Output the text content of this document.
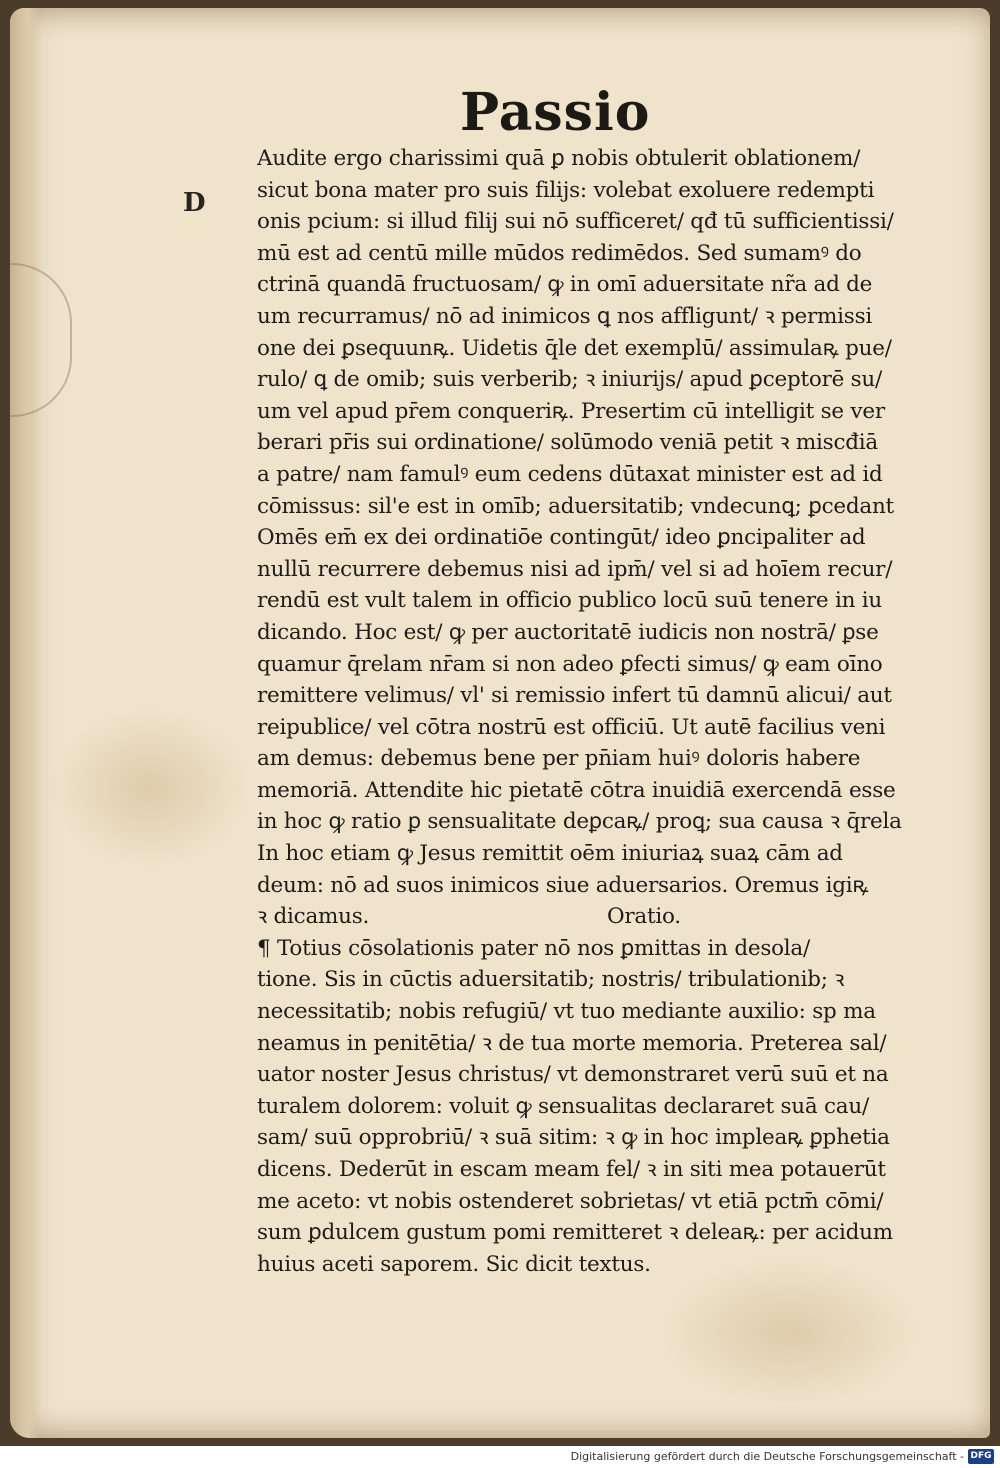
Passio
D
Audite ergo charissimi quā ꝑ nobis obtulerit oblationem/
sicut bona mater pro suis filijs: volebat exoluere redempti
onis pcium: si illud filij sui nō sufficeret/ qđ tū sufficientissi/
mū est ad centū mille mūdos redimēdos. Sed sumamꝰ do
ctrinā quandā fructuosam/ ꝙ in omī aduersitate nr̃a ad de
um recurramus/ nō ad inimicos ꝗ nos affligunt/ ꝛ permissi
one dei ꝑsequunꝶ. Uidetis q̄le det exemplū/ assimulaꝶ pue/
rulo/ ꝗ de omib; suis verberib; ꝛ iniurijs/ apud ꝑceptorē su/
um vel apud pr̄em conqueriꝶ. Presertim cū intelligit se ver
berari pr̄is sui ordinatione/ solūmodo veniā petit ꝛ miscđiā
a patre/ nam famulꝰ eum cedens dūtaxat minister est ad id
cōmissus: sil'e est in omīb; aduersitatib; vndecunꝗ; ꝑcedant
Omēs em̄ ex dei ordinatiōe contingūt/ ideo ꝑncipaliter ad
nullū recurrere debemus nisi ad ipm̄/ vel si ad hoīem recur/
rendū est vult talem in officio publico locū suū tenere in iu
dicando. Hoc est/ ꝙ per auctoritatē iudicis non nostrā/ ꝑse
quamur q̄relam nr̄am si non adeo ꝑfecti simus/ ꝙ eam oīno
remittere velimus/ vl' si remissio infert tū damnū alicui/ aut
reipublice/ vel cōtra nostrū est officiū. Ut autē facilius veni
am demus: debemus bene per pn̄iam huiꝰ doloris habere
memoriā. Attendite hic pietatē cōtra inuidiā exercendā esse
in hoc ꝙ ratio ꝑ sensualitate deꝑcaꝶ/ proꝗ; sua causa ꝛ q̄rela
In hoc etiam ꝙ Jesus remittit oēm iniuriaꝝ suaꝝ cām ad
deum: nō ad suos inimicos siue aduersarios. Oremus igiꝶ
ꝛ dicamus.	Oratio.
¶ Totius cōsolationis pater nō nos ꝑmittas in desola/
tione. Sis in cūctis aduersitatib; nostris/ tribulationib; ꝛ
necessitatib; nobis refugiū/ vt tuo mediante auxilio: sp ma
neamus in penitētia/ ꝛ de tua morte memoria. Preterea sal/
uator noster Jesus christus/ vt demonstraret verū suū et na
turalem dolorem: voluit ꝙ sensualitas declararet suā cau/
sam/ suū opprobriū/ ꝛ suā sitim: ꝛ ꝙ in hoc impleaꝶ ꝑphetia
dicens. Dederūt in escam meam fel/ ꝛ in siti mea potauerūt
me aceto: vt nobis ostenderet sobrietas/ vt etiā pctm̄ cōmi/
sum ꝑdulcem gustum pomi remitteret ꝛ deleaꝶ: per acidum
huius aceti saporem. Sic dicit textus.
Digitalisierung gefördert durch die Deutsche Forschungsgemeinschaft - DFG
